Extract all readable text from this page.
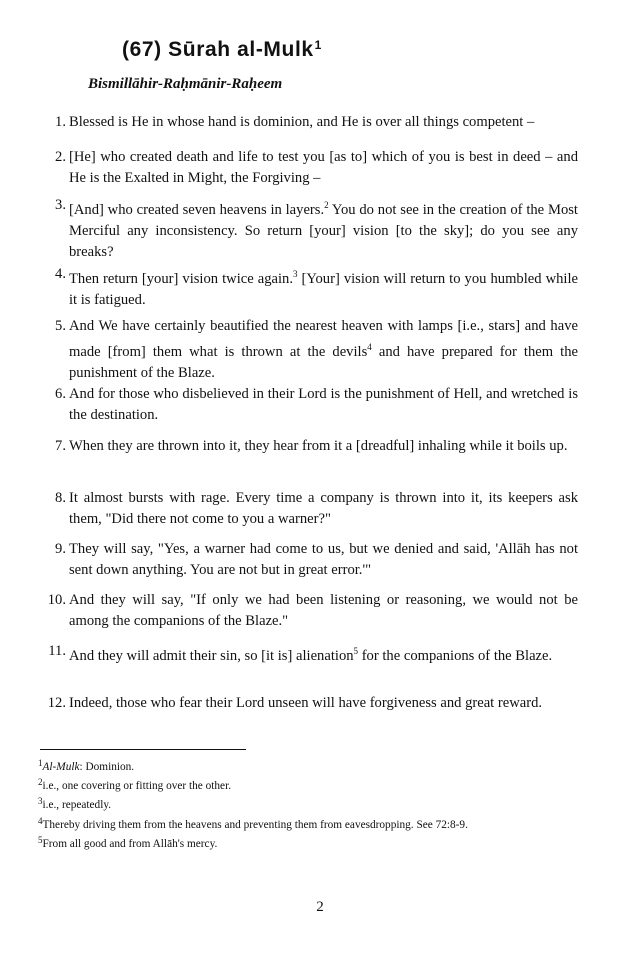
(67) Sūrah al-Mulk$^1$

Bismillāhir-Raḥmānir-Raḥeem

1. Blessed is He in whose hand is dominion, and He is over all things competent –
2. [He] who created death and life to test you [as to] which of you is best in deed – and He is the Exalted in Might, the Forgiving –
3. [And] who created seven heavens in layers.$^2$ You do not see in the creation of the Most Merciful any inconsistency. So return [your] vision [to the sky]; do you see any breaks?
4. Then return [your] vision twice again.$^3$ [Your] vision will return to you humbled while it is fatigued.
5. And We have certainly beautified the nearest heaven with lamps [i.e., stars] and have made [from] them what is thrown at the devils$^4$ and have prepared for them the punishment of the Blaze.
6. And for those who disbelieved in their Lord is the punishment of Hell, and wretched is the destination.
7. When they are thrown into it, they hear from it a [dreadful] inhaling while it boils up.
8. It almost bursts with rage. Every time a company is thrown into it, its keepers ask them, "Did there not come to you a warner?"
9. They will say, "Yes, a warner had come to us, but we denied and said, 'Allāh has not sent down anything. You are not but in great error.'"
10. And they will say, "If only we had been listening or reasoning, we would not be among the companions of the Blaze."
11. And they will admit their sin, so [it is] alienation$^5$ for the companions of the Blaze.
12. Indeed, those who fear their Lord unseen will have forgiveness and great reward.
$^1$Al-Mulk: Dominion.
$^2$i.e., one covering or fitting over the other.
$^3$i.e., repeatedly.
$^4$Thereby driving them from the heavens and preventing them from eavesdropping. See 72:8-9.
$^5$From all good and from Allāh's mercy.
2
